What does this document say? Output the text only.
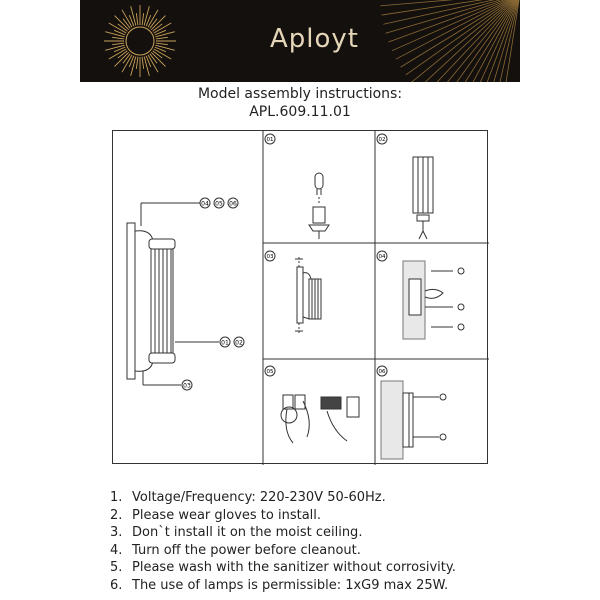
Aployt
Model assembly instructions:
APL.609.11.01
04 05 06
01 02
03
01	02
03	04
05	06
1. Voltage/Frequency: 220-230V 50-60Hz.
2. Please wear gloves to install.
3. Don`t install it on the moist ceiling.
4. Turn off the power before cleanout.
5. Please wash with the sanitizer without corrosivity.
6. The use of lamps is permissible: 1xG9 max 25W.
